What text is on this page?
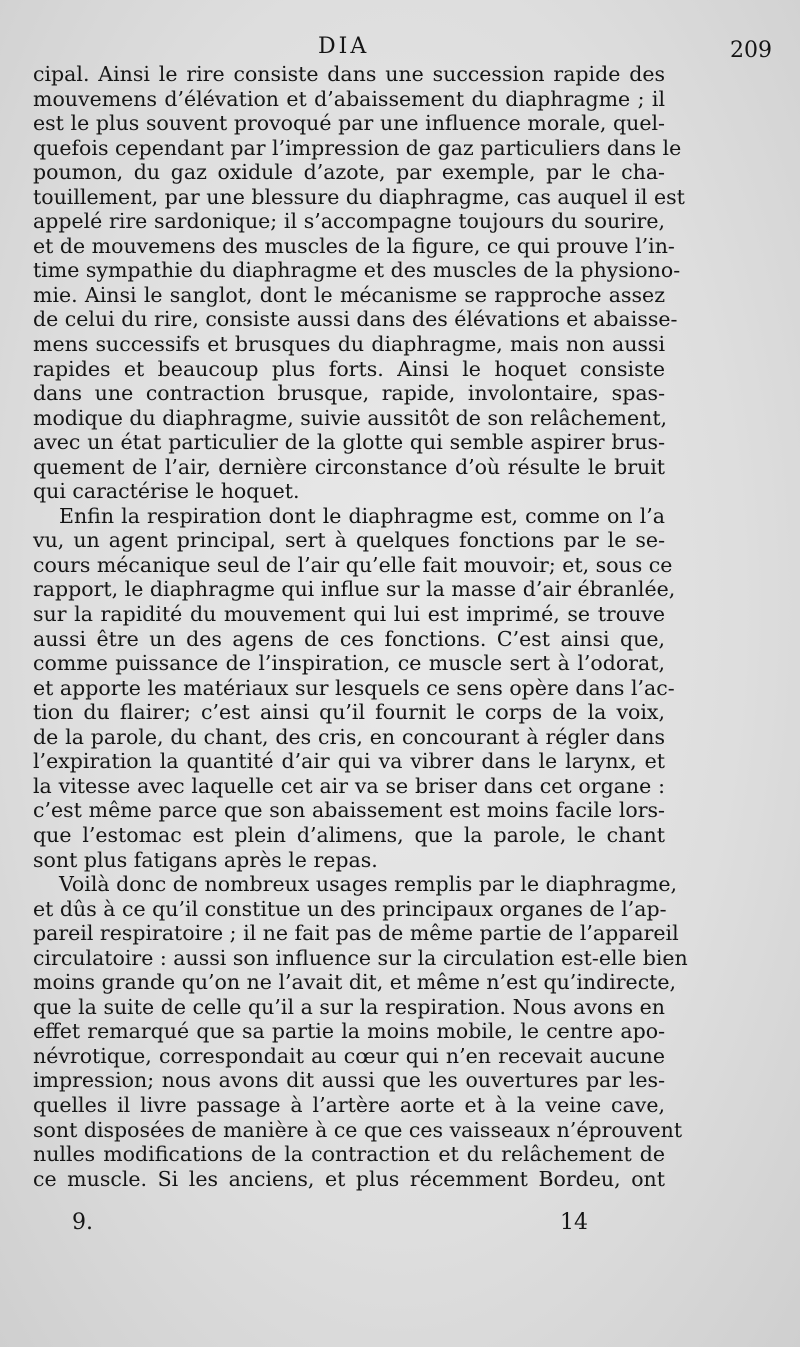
DIA	209
cipal. Ainsi le rire consiste dans une succession rapide des
mouvemens d’élévation et d’abaissement du diaphragme ; il
est le plus souvent provoqué par une influence morale, quel-
quefois cependant par l’impression de gaz particuliers dans le
poumon, du gaz oxidule d’azote, par exemple, par le cha-
touillement, par une blessure du diaphragme, cas auquel il est
appelé rire sardonique; il s’accompagne toujours du sourire,
et de mouvemens des muscles de la figure, ce qui prouve l’in-
time sympathie du diaphragme et des muscles de la physiono-
mie. Ainsi le sanglot, dont le mécanisme se rapproche assez
de celui du rire, consiste aussi dans des élévations et abaisse-
mens successifs et brusques du diaphragme, mais non aussi
rapides et beaucoup plus forts. Ainsi le hoquet consiste
dans une contraction brusque, rapide, involontaire, spas-
modique du diaphragme, suivie aussitôt de son relâchement,
avec un état particulier de la glotte qui semble aspirer brus-
quement de l’air, dernière circonstance d’où résulte le bruit
qui caractérise le hoquet.
Enfin la respiration dont le diaphragme est, comme on l’a
vu, un agent principal, sert à quelques fonctions par le se-
cours mécanique seul de l’air qu’elle fait mouvoir; et, sous ce
rapport, le diaphragme qui influe sur la masse d’air ébranlée,
sur la rapidité du mouvement qui lui est imprimé, se trouve
aussi être un des agens de ces fonctions. C’est ainsi que,
comme puissance de l’inspiration, ce muscle sert à l’odorat,
et apporte les matériaux sur lesquels ce sens opère dans l’ac-
tion du flairer; c’est ainsi qu’il fournit le corps de la voix,
de la parole, du chant, des cris, en concourant à régler dans
l’expiration la quantité d’air qui va vibrer dans le larynx, et
la vitesse avec laquelle cet air va se briser dans cet organe :
c’est même parce que son abaissement est moins facile lors-
que l’estomac est plein d’alimens, que la parole, le chant
sont plus fatigans après le repas.
Voilà donc de nombreux usages remplis par le diaphragme,
et dûs à ce qu’il constitue un des principaux organes de l’ap-
pareil respiratoire ; il ne fait pas de même partie de l’appareil
circulatoire : aussi son influence sur la circulation est-elle bien
moins grande qu’on ne l’avait dit, et même n’est qu’indirecte,
que la suite de celle qu’il a sur la respiration. Nous avons en
effet remarqué que sa partie la moins mobile, le centre apo-
névrotique, correspondait au cœur qui n’en recevait aucune
impression; nous avons dit aussi que les ouvertures par les-
quelles il livre passage à l’artère aorte et à la veine cave,
sont disposées de manière à ce que ces vaisseaux n’éprouvent
nulles modifications de la contraction et du relâchement de
ce muscle. Si les anciens, et plus récemment Bordeu, ont
9.	14
